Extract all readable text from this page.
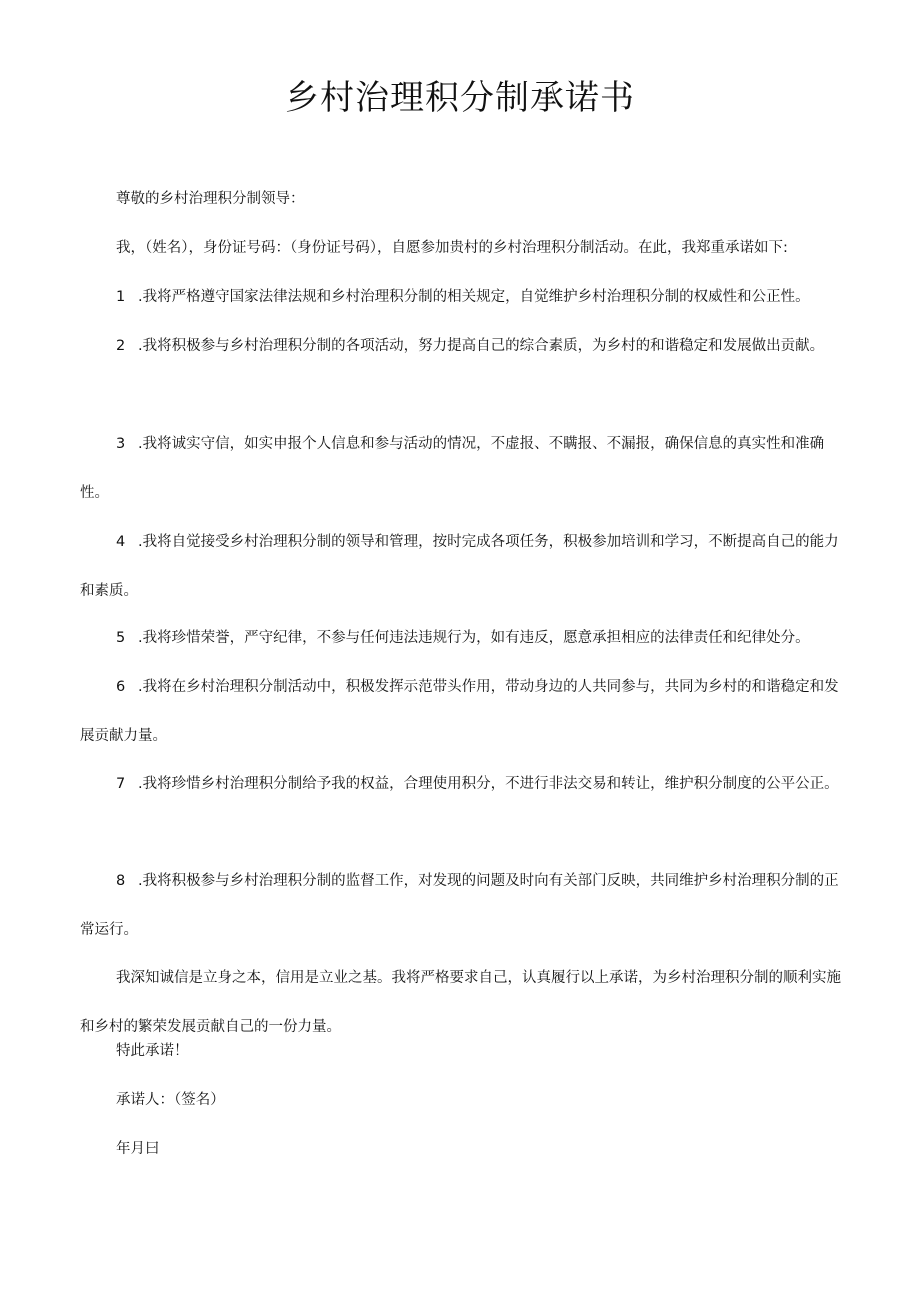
乡村治理积分制承诺书

尊敬的乡村治理积分制领导：

我，（姓名），身份证号码：（身份证号码），自愿参加贵村的乡村治理积分制活动。在此，我郑重承诺如下:

1 .我将严格遵守国家法律法规和乡村治理积分制的相关规定，自觉维护乡村治理积分制的权威性和公正性。

2 .我将积极参与乡村治理积分制的各项活动，努力提高自己的综合素质，为乡村的和谐稳定和发展做出贡献。

3 .我将诚实守信，如实申报个人信息和参与活动的情况，不虚报、不瞒报、不漏报，确保信息的真实性和准确性。

4 .我将自觉接受乡村治理积分制的领导和管理，按时完成各项任务，积极参加培训和学习，不断提高自己的能力和素质。

5 .我将珍惜荣誉，严守纪律，不参与任何违法违规行为，如有违反，愿意承担相应的法律责任和纪律处分。

6 .我将在乡村治理积分制活动中，积极发挥示范带头作用，带动身边的人共同参与，共同为乡村的和谐稳定和发展贡献力量。

7 .我将珍惜乡村治理积分制给予我的权益，合理使用积分，不进行非法交易和转让，维护积分制度的公平公正。

8 .我将积极参与乡村治理积分制的监督工作，对发现的问题及时向有关部门反映，共同维护乡村治理积分制的正常运行。

我深知诚信是立身之本，信用是立业之基。我将严格要求自己，认真履行以上承诺，为乡村治理积分制的顺利实施和乡村的繁荣发展贡献自己的一份力量。

特此承诺！

承诺人：（签名）

年月曰
